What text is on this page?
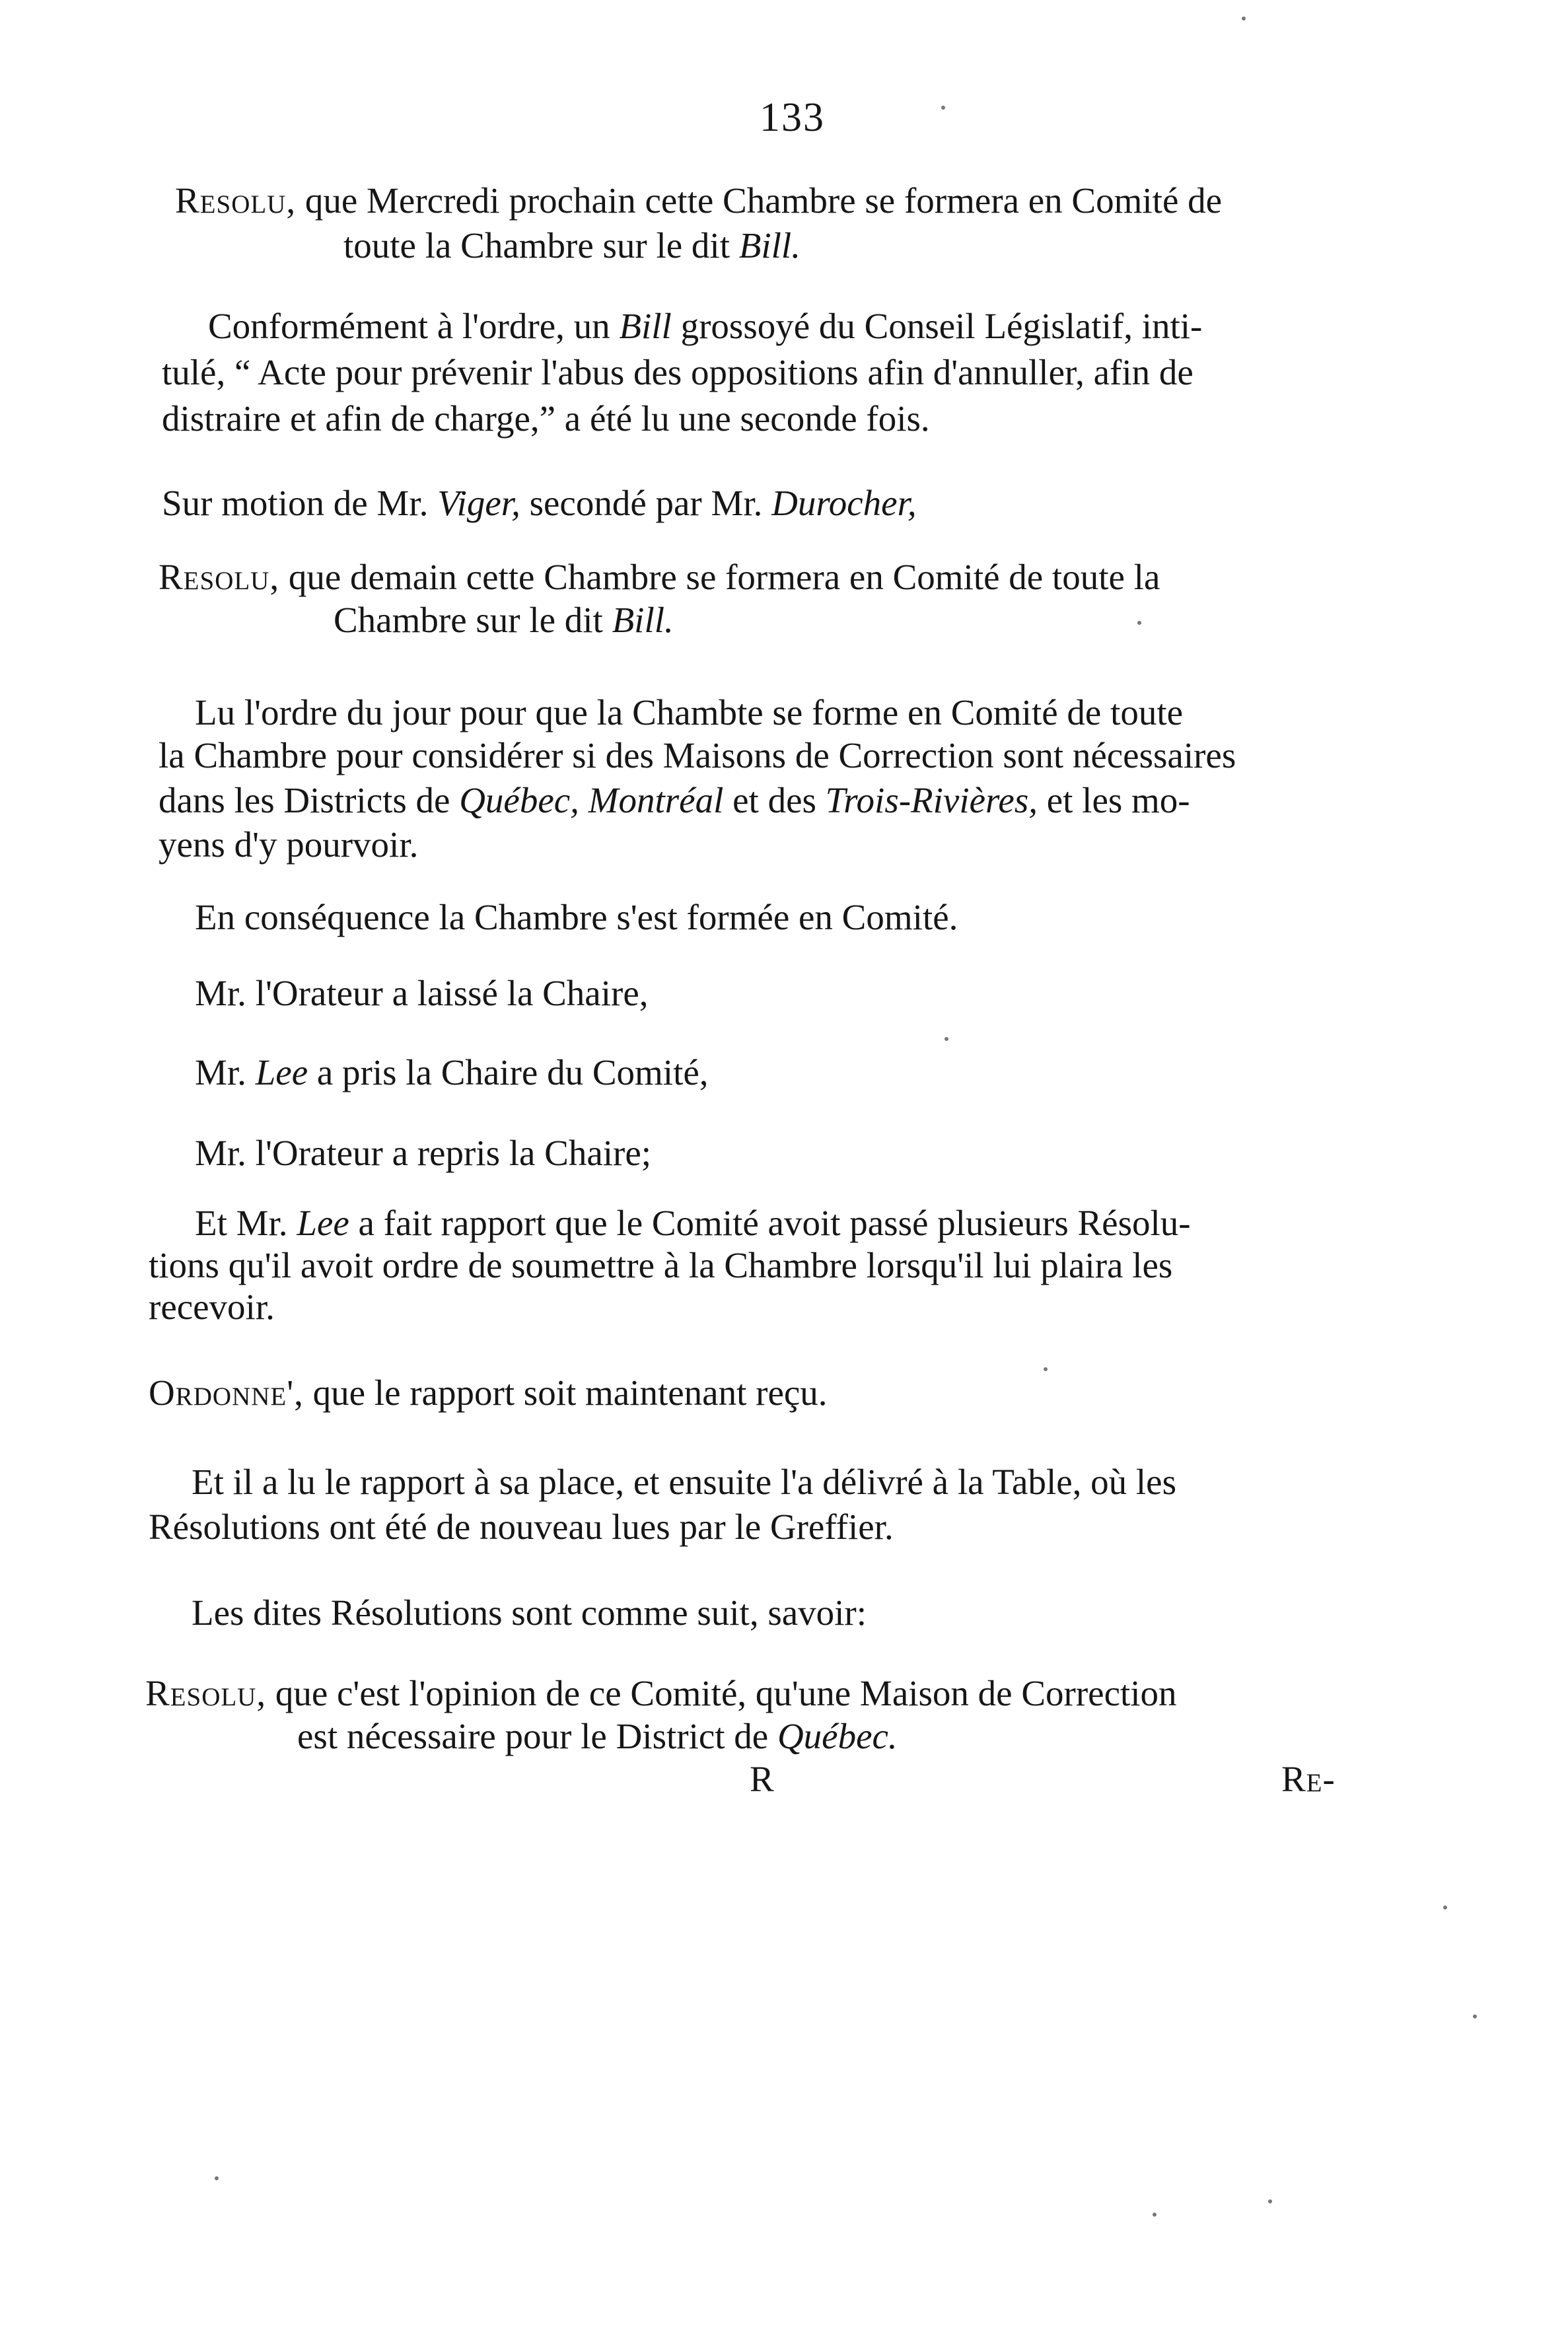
133
Resolu, que Mercredi prochain cette Chambre se formera en Comité de
toute la Chambre sur le dit Bill.
Conformément à l'ordre, un Bill grossoyé du Conseil Législatif, inti-
tulé, “ Acte pour prévenir l'abus des oppositions afin d'annuller, afin de
distraire et afin de charge,” a été lu une seconde fois.
Sur motion de Mr. Viger, secondé par Mr. Durocher,
Resolu, que demain cette Chambre se formera en Comité de toute la
Chambre sur le dit Bill.
Lu l'ordre du jour pour que la Chambte se forme en Comité de toute
la Chambre pour considérer si des Maisons de Correction sont nécessaires
dans les Districts de Québec, Montréal et des Trois-Rivières, et les mo-
yens d'y pourvoir.
En conséquence la Chambre s'est formée en Comité.
Mr. l'Orateur a laissé la Chaire,
Mr. Lee a pris la Chaire du Comité,
Mr. l'Orateur a repris la Chaire;
Et Mr. Lee a fait rapport que le Comité avoit passé plusieurs Résolu-
tions qu'il avoit ordre de soumettre à la Chambre lorsqu'il lui plaira les
recevoir.
Ordonne', que le rapport soit maintenant reçu.
Et il a lu le rapport à sa place, et ensuite l'a délivré à la Table, où les
Résolutions ont été de nouveau lues par le Greffier.
Les dites Résolutions sont comme suit, savoir:
Resolu, que c'est l'opinion de ce Comité, qu'une Maison de Correction
est nécessaire pour le District de Québec.
R	Re-
